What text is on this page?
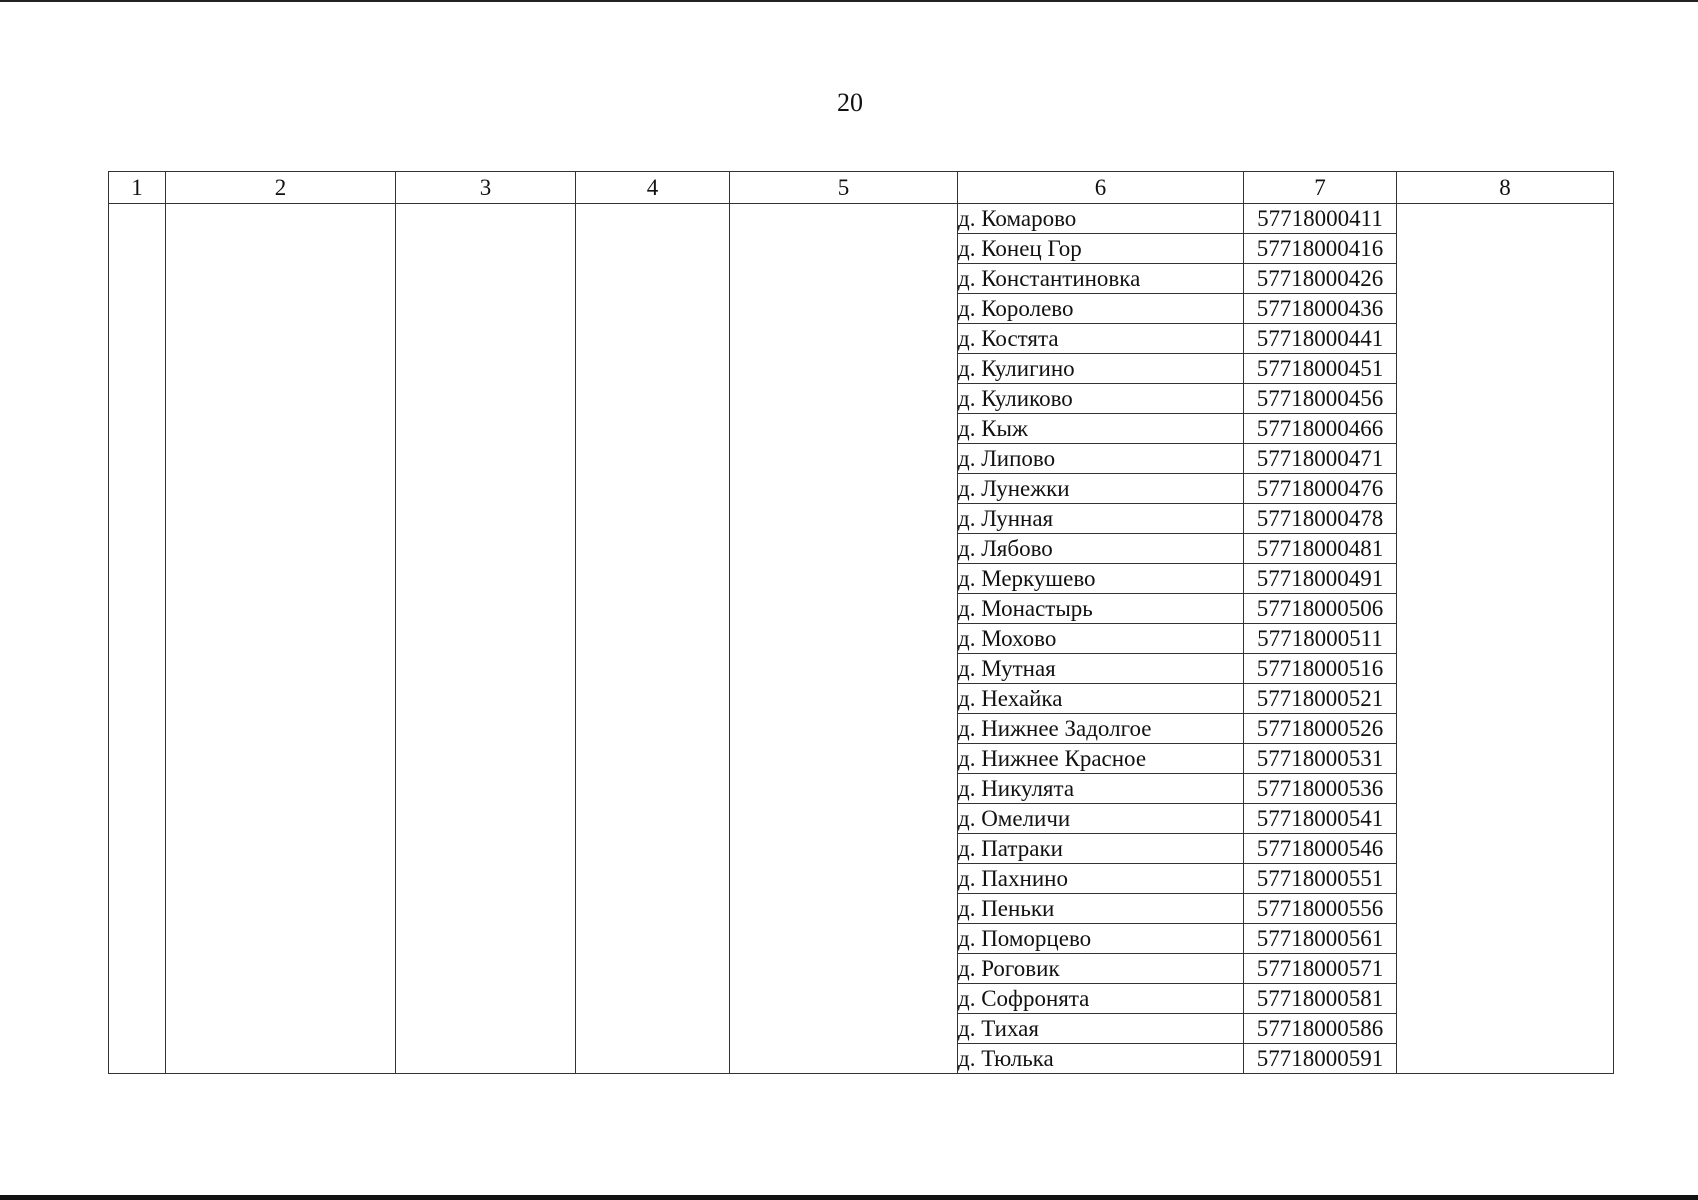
20
1	2	3	4	5	6	7	8
					д. Комарово	57718000411	
					д. Конец Гор	57718000416	
					д. Константиновка	57718000426	
					д. Королево	57718000436	
					д. Костята	57718000441	
					д. Кулигино	57718000451	
					д. Куликово	57718000456	
					д. Кыж	57718000466	
					д. Липово	57718000471	
					д. Лунежки	57718000476	
					д. Лунная	57718000478	
					д. Лябово	57718000481	
					д. Меркушево	57718000491	
					д. Монастырь	57718000506	
					д. Мохово	57718000511	
					д. Мутная	57718000516	
					д. Нехайка	57718000521	
					д. Нижнее Задолгое	57718000526	
					д. Нижнее Красное	57718000531	
					д. Никулята	57718000536	
					д. Омеличи	57718000541	
					д. Патраки	57718000546	
					д. Пахнино	57718000551	
					д. Пеньки	57718000556	
					д. Поморцево	57718000561	
					д. Роговик	57718000571	
					д. Софронята	57718000581	
					д. Тихая	57718000586	
					д. Тюлька	57718000591	
